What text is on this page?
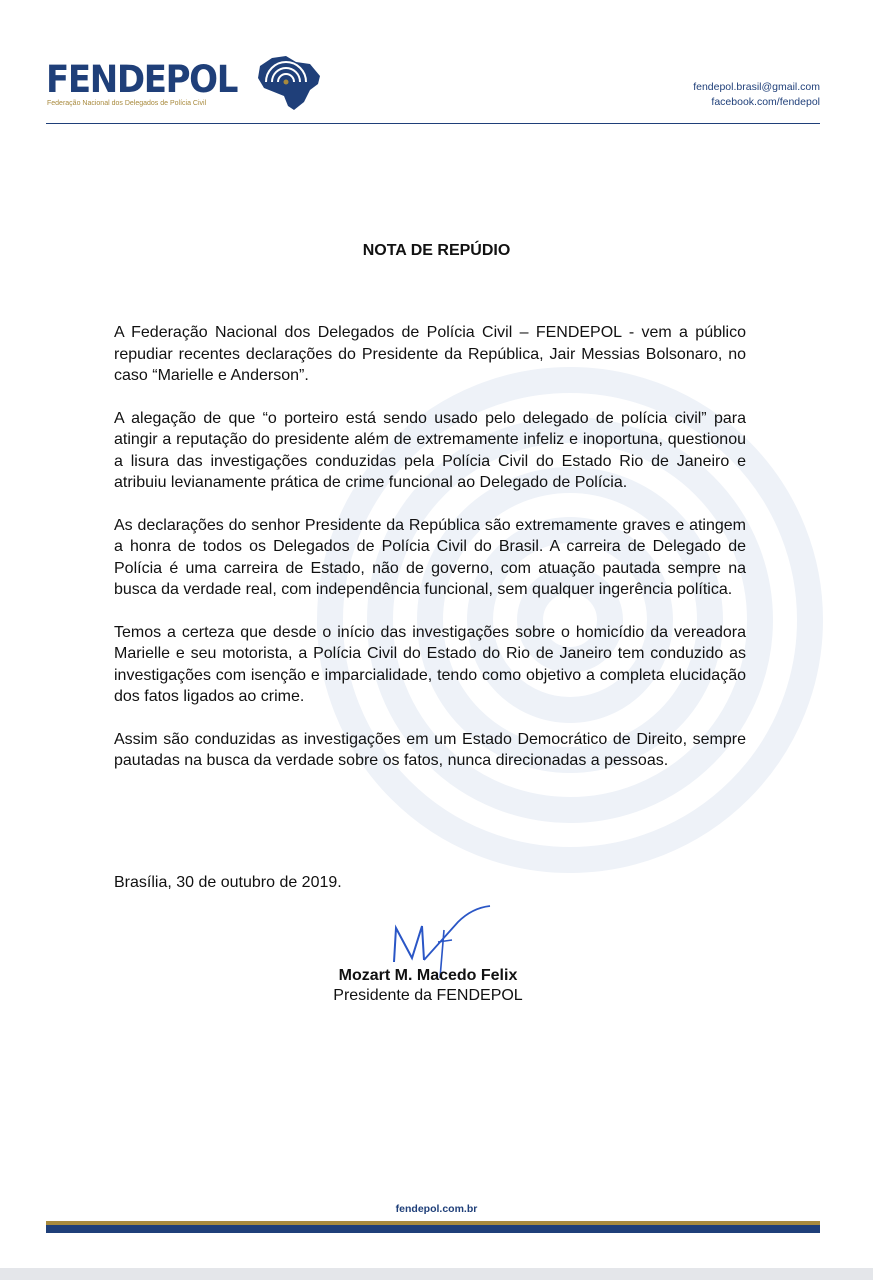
FENDEPOL
Federação Nacional dos Delegados de Polícia Civil
fendepol.brasil@gmail.com
facebook.com/fendepol
NOTA DE REPÚDIO

A Federação Nacional dos Delegados de Polícia Civil – FENDEPOL - vem a público repudiar recentes declarações do Presidente da República, Jair Messias Bolsonaro, no caso “Marielle e Anderson”.

A alegação de que “o porteiro está sendo usado pelo delegado de polícia civil” para atingir a reputação do presidente além de extremamente infeliz e inoportuna, questionou a lisura das investigações conduzidas pela Polícia Civil do Estado Rio de Janeiro e atribuiu levianamente prática de crime funcional ao Delegado de Polícia.

As declarações do senhor Presidente da República são extremamente graves e atingem a honra de todos os Delegados de Polícia Civil do Brasil. A carreira de Delegado de Polícia é uma carreira de Estado, não de governo, com atuação pautada sempre na busca da verdade real, com independência funcional, sem qualquer ingerência política.

Temos a certeza que desde o início das investigações sobre o homicídio da vereadora Marielle e seu motorista, a Polícia Civil do Estado do Rio de Janeiro tem conduzido as investigações com isenção e imparcialidade, tendo como objetivo a completa elucidação dos fatos ligados ao crime.

Assim são conduzidas as investigações em um Estado Democrático de Direito, sempre pautadas na busca da verdade sobre os fatos, nunca direcionadas a pessoas.

Brasília, 30 de outubro de 2019.
Mozart M. Macedo Felix
Presidente da FENDEPOL
fendepol.com.br
